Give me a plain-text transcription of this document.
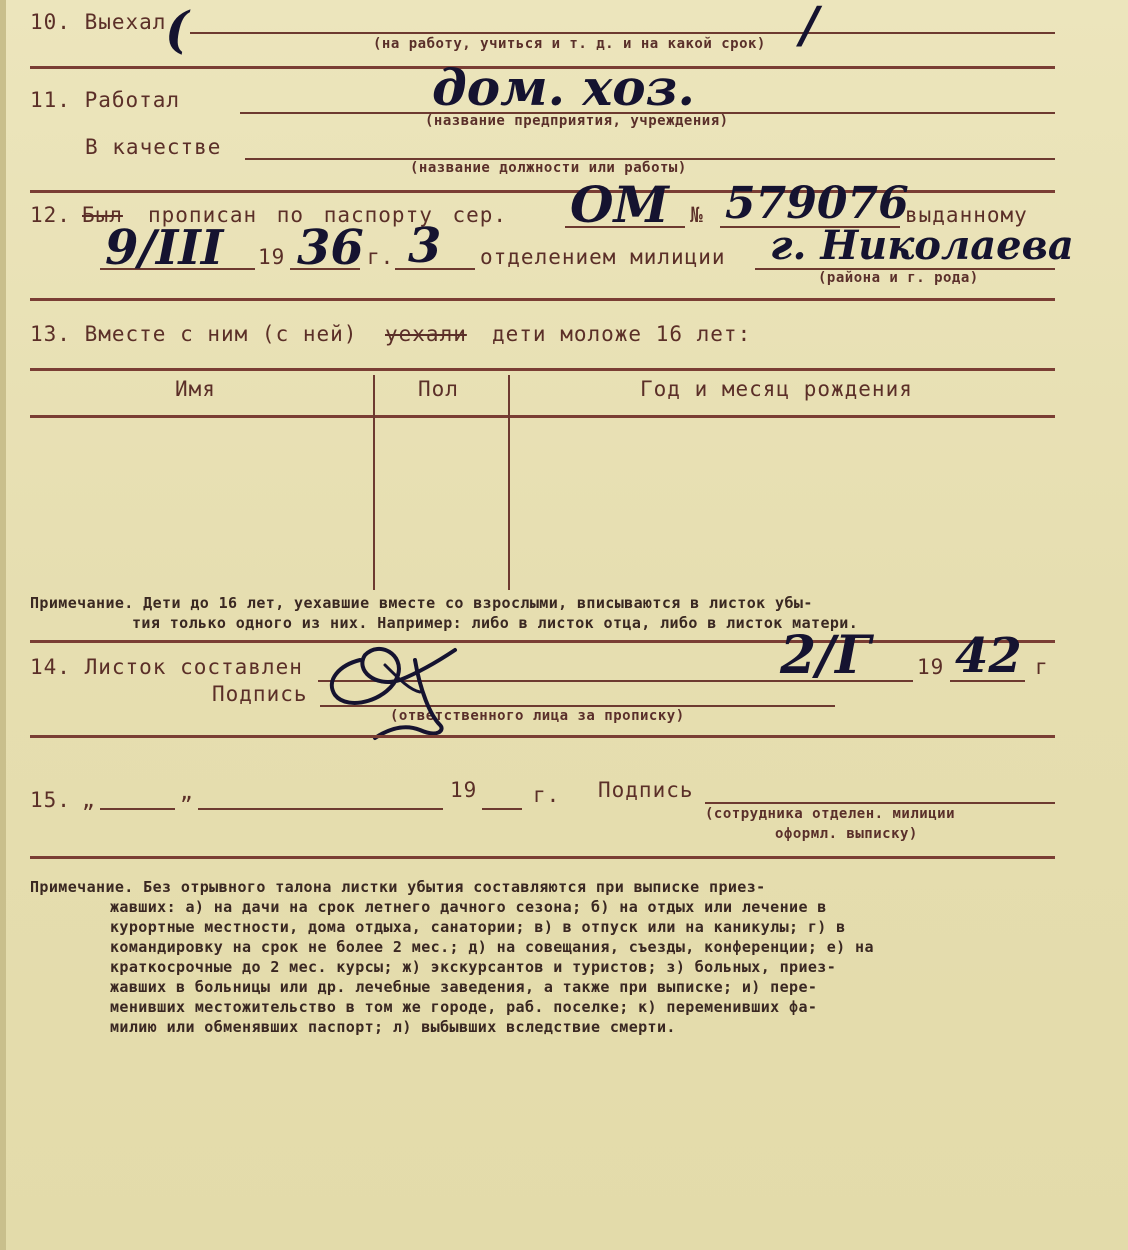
10. Выехал
(	/
(на работу, учиться и т. д. и на какой срок)
11. Работал	дом. хоз.
(название предприятия, учреждения)
В качестве
(название должности или работы)
12. Был прописан по паспорту сер. ОМ № 579076
выданному
9/III 19 36 г. 3 отделением милиции г. Николаева
(района и г. рода)
13. Вместе с ним (с ней) уехали дети моложе 16 лет:
Имя	Пол	Год и месяц рождения
Примечание. Дети до 16 лет, уехавшие вместе со взрослыми, вписываются в листок убы-
тия только одного из них. Например: либо в листок отца, либо в листок матери.
14. Листок составлен	2/Г 19 42 г
Подпись
(ответственного лица за прописку)
15. „	„	19	г. Подпись
(сотрудника отделен. милиции
оформл. выписку)
Примечание. Без отрывного талона листки убытия составляются при выписке приез-
жавших: а) на дачи на срок летнего дачного сезона; б) на отдых или лечение в
курортные местности, дома отдыха, санатории; в) в отпуск или на каникулы; г) в
командировку на срок не более 2 мес.; д) на совещания, съезды, конференции; е) на
краткосрочные до 2 мес. курсы; ж) экскурсантов и туристов; з) больных, приез-
жавших в больницы или др. лечебные заведения, а также при выписке; и) пере-
менивших местожительство в том же городе, раб. поселке; к) переменивших фа-
милию или обменявших паспорт; л) выбывших вследствие смерти.
